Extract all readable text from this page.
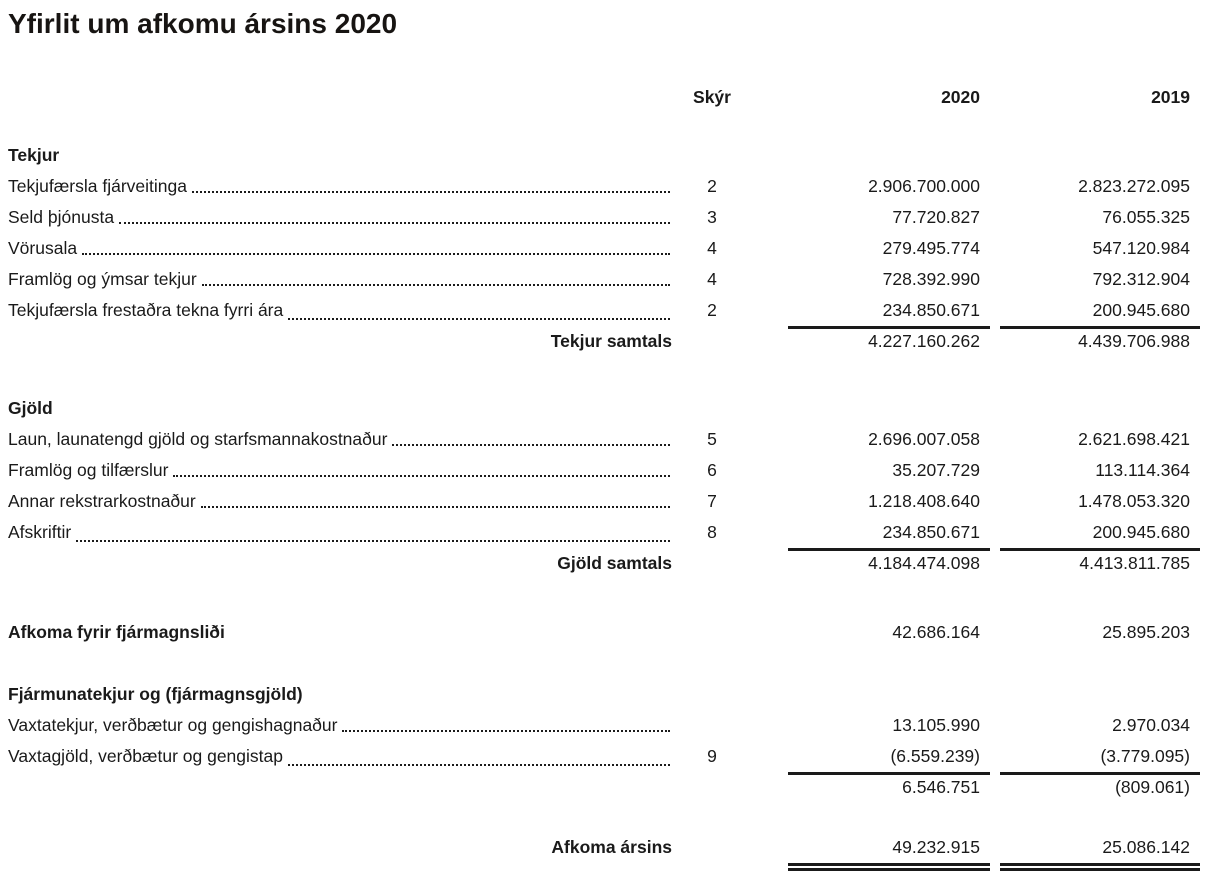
Yfirlit um afkomu ársins 2020
Skýr	2020	2019
Tekjur
Tekjufærsla fjárveitinga	2	2.906.700.000	2.823.272.095
Seld þjónusta	3	77.720.827	76.055.325
Vörusala	4	279.495.774	547.120.984
Framlög og ýmsar tekjur	4	728.392.990	792.312.904
Tekjufærsla frestaðra tekna fyrri ára	2	234.850.671	200.945.680
Tekjur samtals	4.227.160.262	4.439.706.988
Gjöld
Laun, launatengd gjöld og starfsmannakostnaður	5	2.696.007.058	2.621.698.421
Framlög og tilfærslur	6	35.207.729	113.114.364
Annar rekstrarkostnaður	7	1.218.408.640	1.478.053.320
Afskriftir	8	234.850.671	200.945.680
Gjöld samtals	4.184.474.098	4.413.811.785
Afkoma fyrir fjármagnsliði	42.686.164	25.895.203
Fjármunatekjur og (fjármagnsgjöld)
Vaxtatekjur, verðbætur og gengishagnaður	13.105.990	2.970.034
Vaxtagjöld, verðbætur og gengistap	9	(6.559.239)	(3.779.095)
6.546.751	(809.061)
Afkoma ársins	49.232.915	25.086.142
